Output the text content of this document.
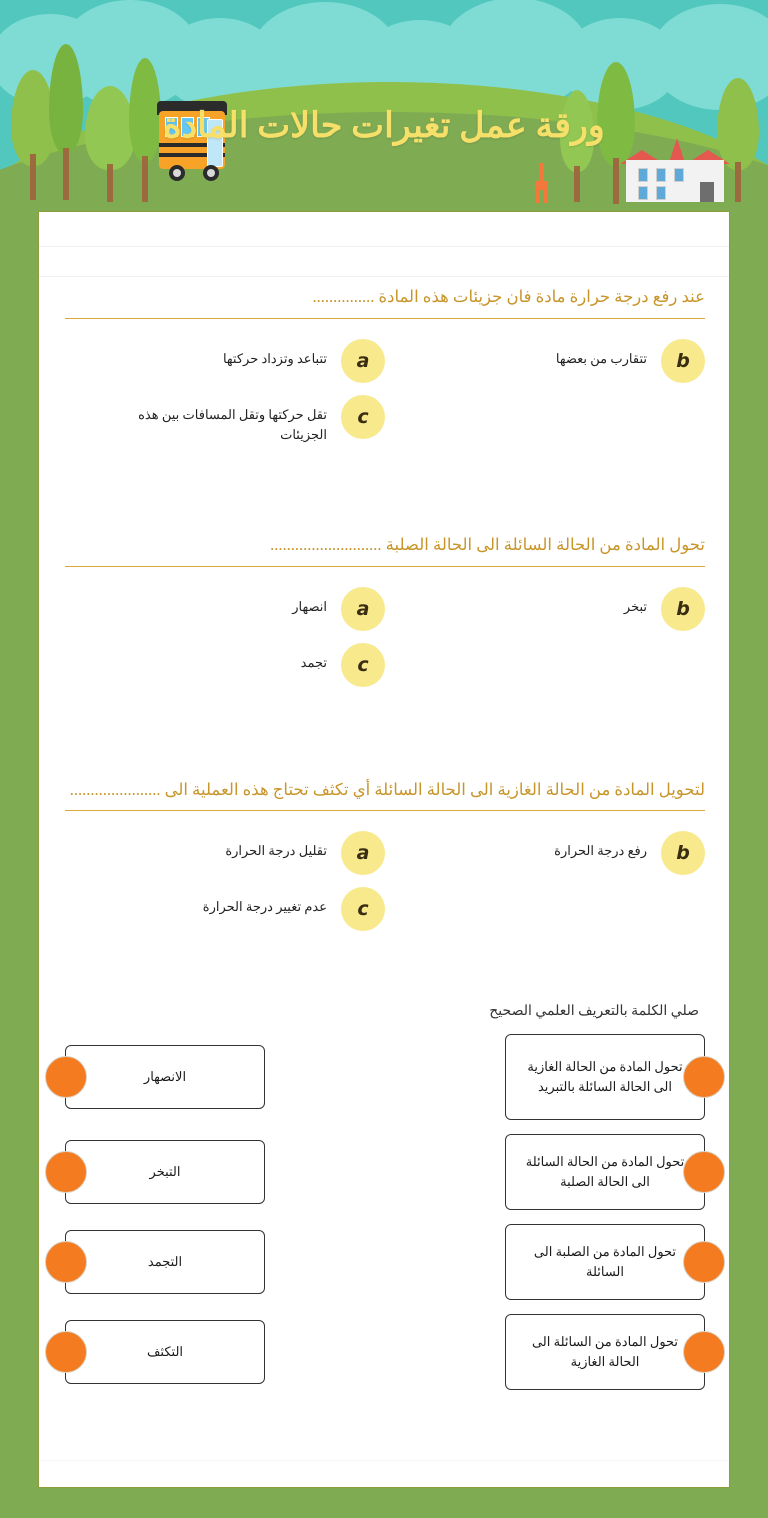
ورقة عمل تغيرات حالات المادة
عند رفع درجة حرارة مادة فان جزيئات هذه المادة ...............
b
تتقارب من بعضها
a
تتباعد وتزداد حركتها
c
تقل حركتها وتقل المسافات بين هذه الجزيئات
تحول المادة من الحالة السائلة الى الحالة الصلبة ...........................
b
تبخر
a
انصهار
c
تجمد
لتحويل المادة من الحالة الغازية الى الحالة السائلة أي تكثف تحتاج هذه العملية الى ......................
b
رفع درجة الحرارة
a
تقليل درجة الحرارة
c
عدم تغيير درجة الحرارة
صلي الكلمة بالتعريف العلمي الصحيح
تحول المادة من الحالة الغازية الى الحالة السائلة بالتبريد
الانصهار
تحول المادة من الحالة السائلة الى الحالة الصلبة
التبخر
تحول المادة من الصلبة الى السائلة
التجمد
تحول المادة من السائلة الى الحالة الغازية
التكثف
